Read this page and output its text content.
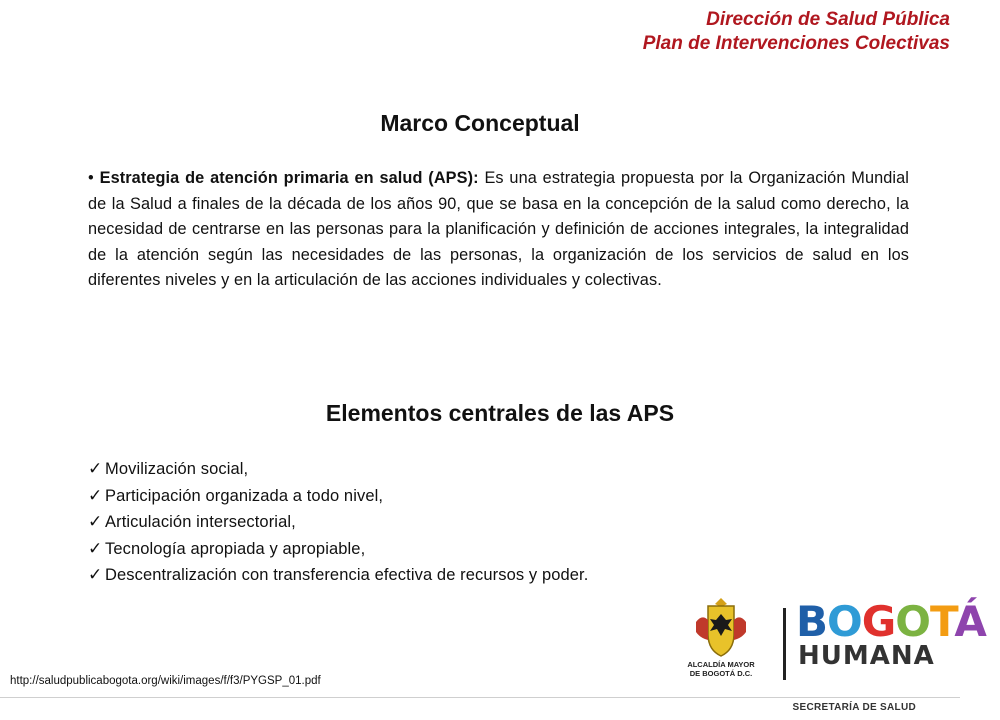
Dirección de Salud Pública
Plan de Intervenciones Colectivas
Marco Conceptual
• Estrategia de atención primaria en salud (APS): Es una estrategia propuesta por la Organización Mundial de la Salud a finales de la década de los años 90, que se basa en la concepción de la salud como derecho, la necesidad de centrarse en las personas para la planificación y definición de acciones integrales, la integralidad de la atención según las necesidades de las personas, la organización de los servicios de salud en los diferentes niveles y en la articulación de las acciones individuales y colectivas.
Elementos centrales de las APS
✓ Movilización social,
✓ Participación organizada a todo nivel,
✓ Articulación intersectorial,
✓ Tecnología apropiada y apropiable,
✓ Descentralización con transferencia efectiva de recursos y poder.
http://saludpublicabogota.org/wiki/images/f/f3/PYGSP_01.pdf
ALCALDÍA MAYOR
DE BOGOTÁ D.C.
BOGOTÁ
HUMANA
SECRETARÍA DE SALUD
